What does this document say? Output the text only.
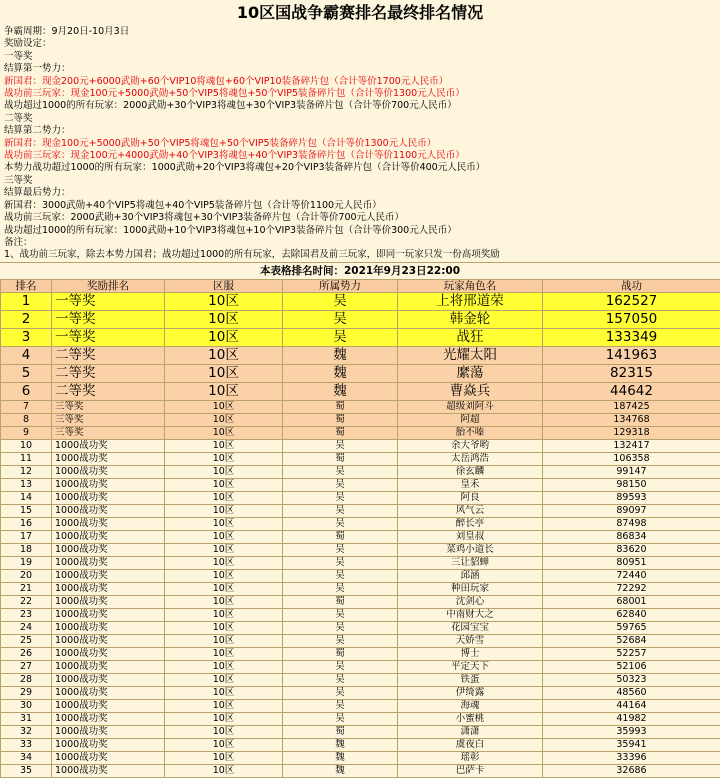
10区国战争霸赛排名最终排名情况
争霸周期：9月20日-10月3日
奖励设定：
一等奖
结算第一势力：
新国君：现金200元+6000武勋+60个VIP10将魂包+60个VIP10装备碎片包（合计等价1700元人民币）
战功前三玩家：现金100元+5000武勋+50个VIP5将魂包+50个VIP5装备碎片包（合计等价1300元人民币）
战功超过1000的所有玩家：2000武勋+30个VIP3将魂包+30个VIP3装备碎片包（合计等价700元人民币）
二等奖
结算第二势力：
新国君：现金100元+5000武勋+50个VIP5将魂包+50个VIP5装备碎片包（合计等价1300元人民币）
战功前三玩家：现金100元+4000武勋+40个VIP3将魂包+40个VIP3装备碎片包（合计等价1100元人民币）
本势力战功超过1000的所有玩家：1000武勋+20个VIP3将魂包+20个VIP3装备碎片包（合计等价400元人民币）
三等奖
结算最后势力：
新国君：3000武勋+40个VIP5将魂包+40个VIP5装备碎片包（合计等价1100元人民币）
战功前三玩家：2000武勋+30个VIP3将魂包+30个VIP3装备碎片包（合计等价700元人民币）
战功超过1000的所有玩家：1000武勋+10个VIP3将魂包+10个VIP3装备碎片包（合计等价300元人民币）
备注：
1、战功前三玩家，除去本势力国君；战功超过1000的所有玩家，去除国君及前三玩家，即同一玩家只发一份高项奖励
本表格排名时间：2021年9月23日22:00
排名	奖励排名	区服	所属势力	玩家角色名	战功
1	一等奖	10区	吴	上将邢道荣	162527
2	一等奖	10区	吴	韩金轮	157050
3	一等奖	10区	吴	战狂	133349
4	二等奖	10区	魏	光耀太阳	141963
5	二等奖	10区	魏	縻蕩	82315
6	二等奖	10区	魏	曹焱兵	44642
7	三等奖	10区	蜀	超级刘阿斗	187425
8	三等奖	10区	蜀	阿超	134768
9	三等奖	10区	蜀	胎不嗪	129318
10	1000战功奖	10区	吴	余大爷哟	132417
11	1000战功奖	10区	蜀	太岳鸿浩	106358
12	1000战功奖	10区	吴	徐玄麟	99147
13	1000战功奖	10区	吴	皇禾	98150
14	1000战功奖	10区	吴	阿良	89593
15	1000战功奖	10区	吴	风气云	89097
16	1000战功奖	10区	吴	醉长亭	87498
17	1000战功奖	10区	蜀	刘皇叔	86834
18	1000战功奖	10区	吴	菜鸡小道长	83620
19	1000战功奖	10区	吴	三让貂蝉	80951
20	1000战功奖	10区	吴	邱涵	72440
21	1000战功奖	10区	吴	种田玩家	72292
22	1000战功奖	10区	蜀	沈剑心	68001
23	1000战功奖	10区	吴	中南财大之	62840
24	1000战功奖	10区	吴	花园宝宝	59765
25	1000战功奖	10区	吴	天娇雪	52684
26	1000战功奖	10区	蜀	博士	52257
27	1000战功奖	10区	吴	平定天下	52106
28	1000战功奖	10区	吴	铁蛋	50323
29	1000战功奖	10区	吴	伊绮露	48560
30	1000战功奖	10区	吴	海魂	44164
31	1000战功奖	10区	吴	小蜜桃	41982
32	1000战功奖	10区	蜀	潇潇	35993
33	1000战功奖	10区	魏	虞夜白	35941
34	1000战功奖	10区	魏	瑶彰	33396
35	1000战功奖	10区	魏	巴萨卡	32686
